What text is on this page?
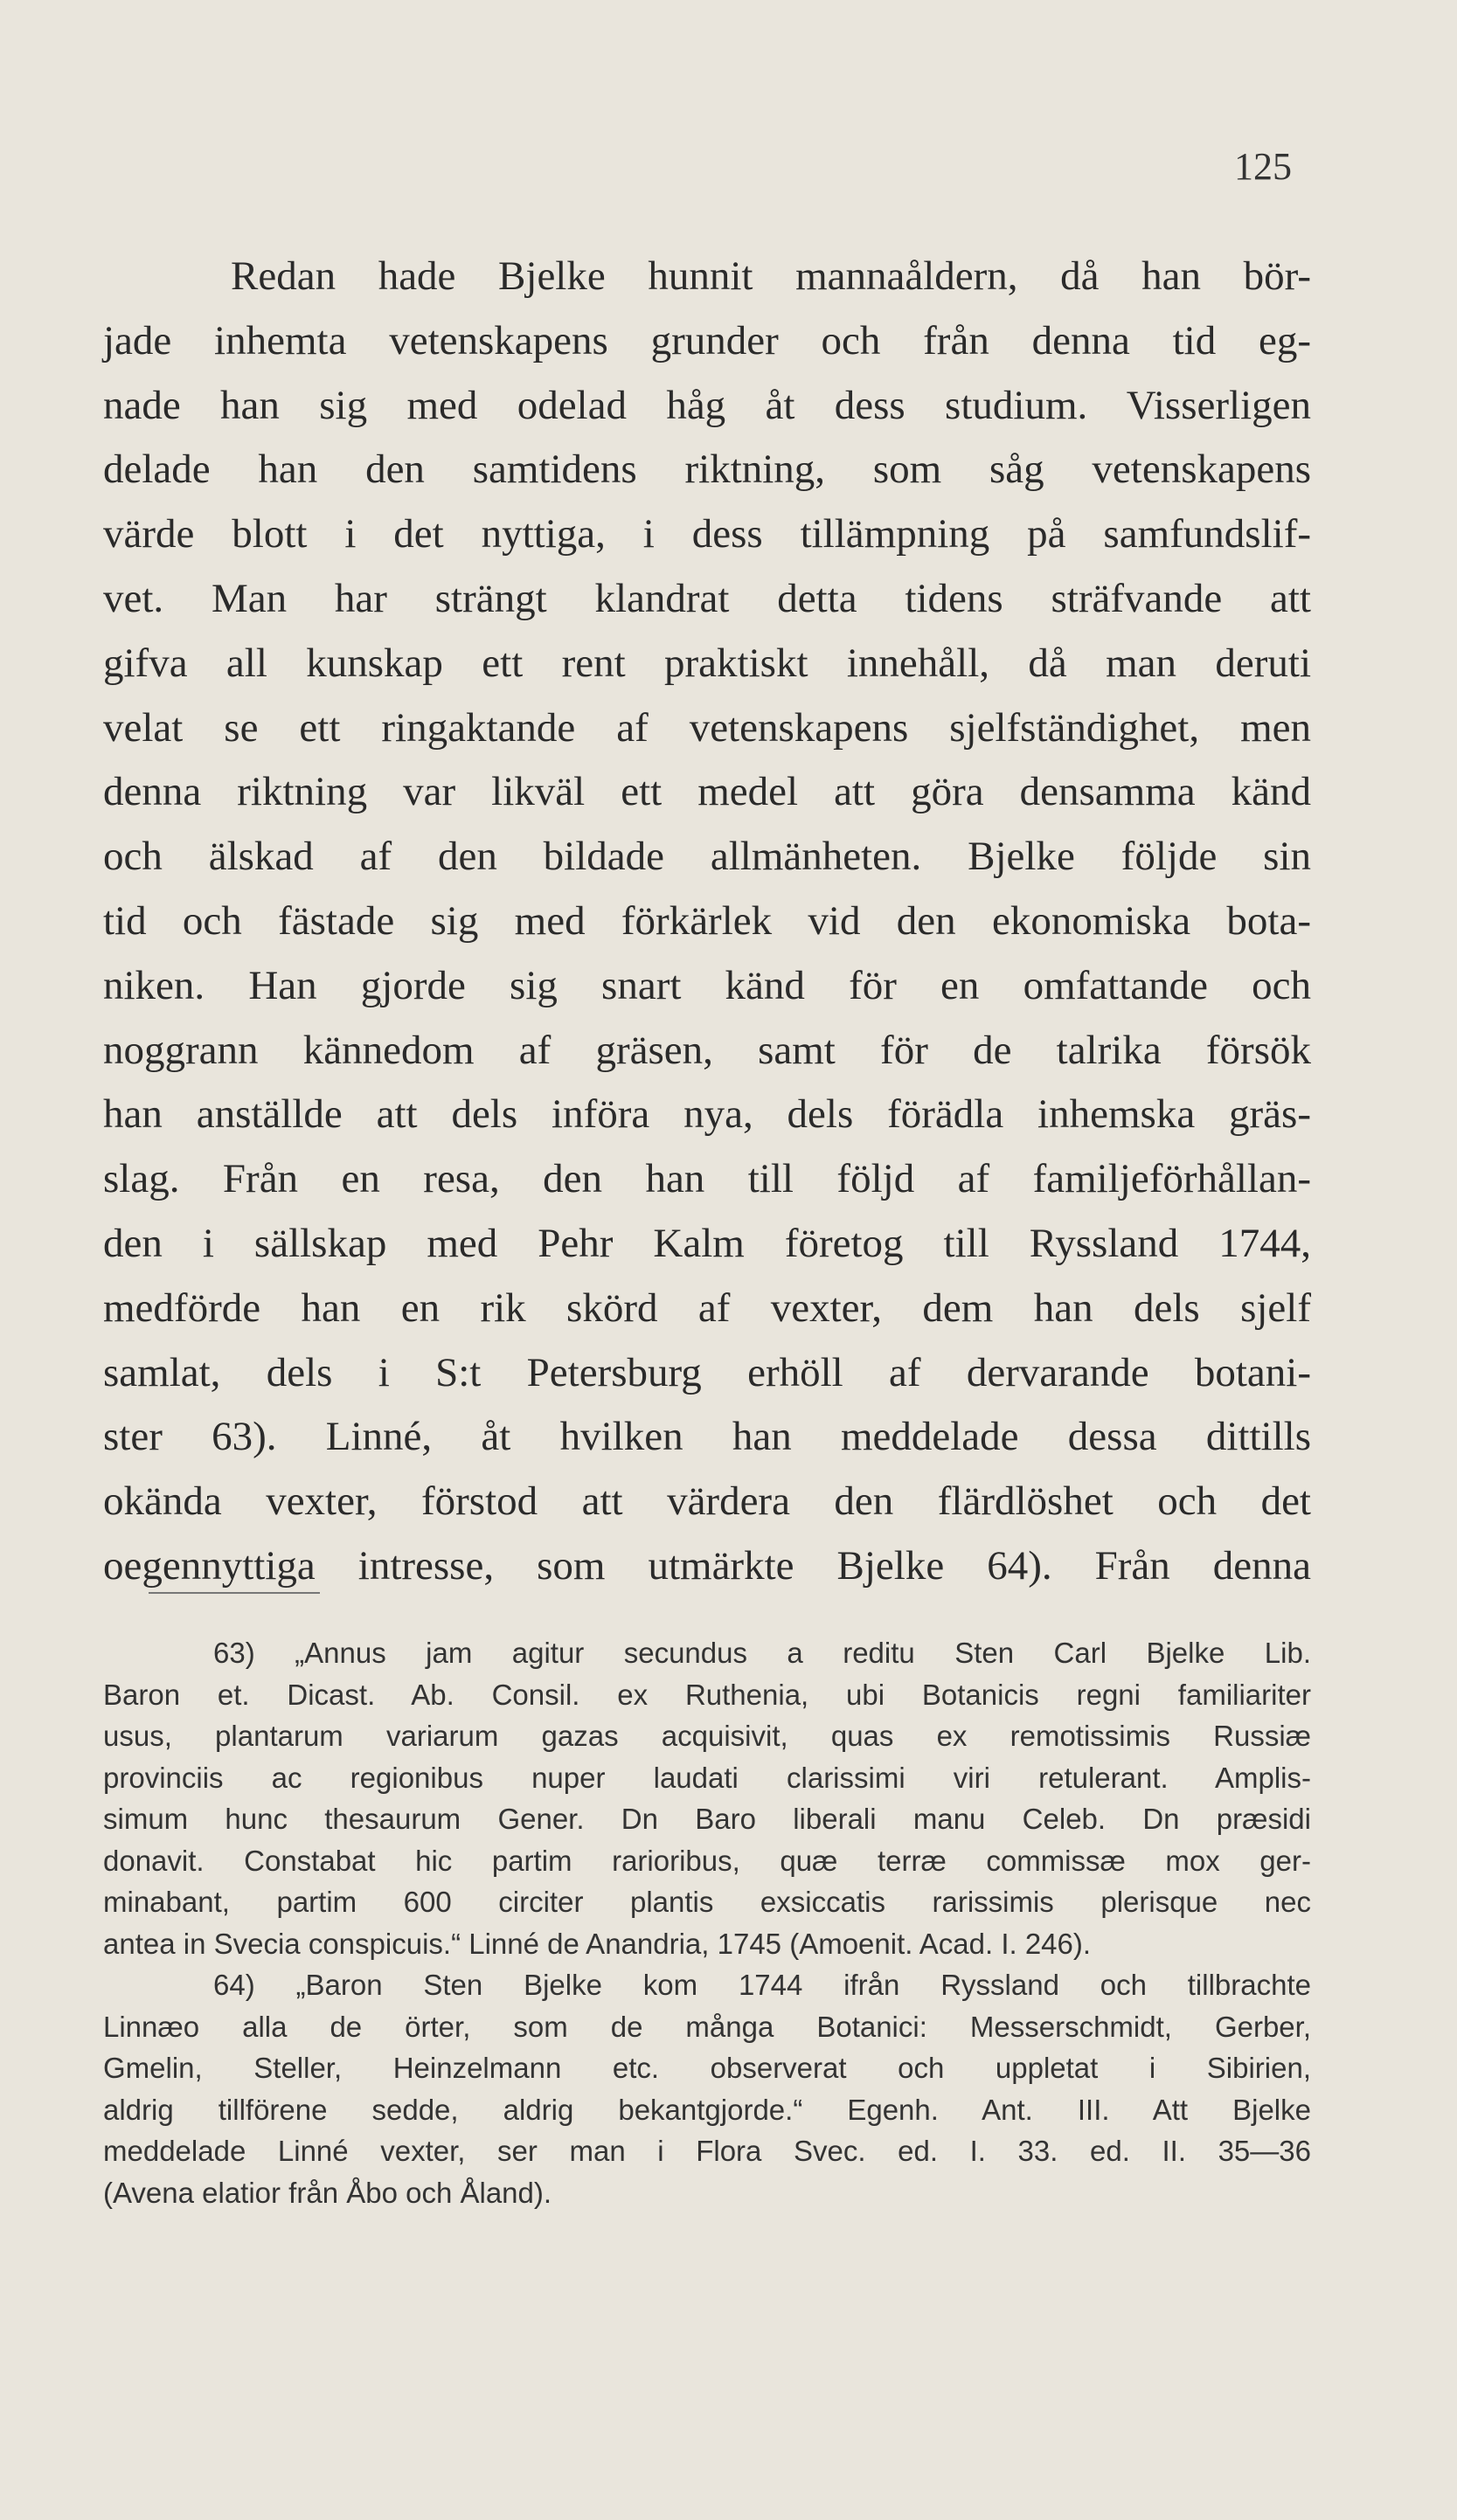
125
Redan hade Bjelke hunnit mannaåldern, då han bör-
jade inhemta vetenskapens grunder och från denna tid eg-
nade han sig med odelad håg åt dess studium. Visserligen
delade han den samtidens riktning, som såg vetenskapens
värde blott i det nyttiga, i dess tillämpning på samfundslif-
vet. Man har strängt klandrat detta tidens sträfvande att
gifva all kunskap ett rent praktiskt innehåll, då man deruti
velat se ett ringaktande af vetenskapens sjelfständighet, men
denna riktning var likväl ett medel att göra densamma känd
och älskad af den bildade allmänheten. Bjelke följde sin
tid och fästade sig med förkärlek vid den ekonomiska bota-
niken. Han gjorde sig snart känd för en omfattande och
noggrann kännedom af gräsen, samt för de talrika försök
han anställde att dels införa nya, dels förädla inhemska gräs-
slag. Från en resa, den han till följd af familjeförhållan-
den i sällskap med Pehr Kalm företog till Ryssland 1744,
medförde han en rik skörd af vexter, dem han dels sjelf
samlat, dels i S:t Petersburg erhöll af dervarande botani-
ster 63). Linné, åt hvilken han meddelade dessa dittills
okända vexter, förstod att värdera den flärdlöshet och det
oegennyttiga intresse, som utmärkte Bjelke 64). Från denna
63) „Annus jam agitur secundus a reditu Sten Carl Bjelke Lib.
Baron et. Dicast. Ab. Consil. ex Ruthenia, ubi Botanicis regni familiariter
usus, plantarum variarum gazas acquisivit, quas ex remotissimis Russiæ
provinciis ac regionibus nuper laudati clarissimi viri retulerant. Amplis-
simum hunc thesaurum Gener. Dn Baro liberali manu Celeb. Dn præsidi
donavit. Constabat hic partim rarioribus, quæ terræ commissæ mox ger-
minabant, partim 600 circiter plantis exsiccatis rarissimis plerisque nec
antea in Svecia conspicuis.“ Linné de Anandria, 1745 (Amoenit. Acad. I. 246).
64) „Baron Sten Bjelke kom 1744 ifrån Ryssland och tillbrachte
Linnæo alla de örter, som de många Botanici: Messerschmidt, Gerber,
Gmelin, Steller, Heinzelmann etc. observerat och uppletat i Sibirien,
aldrig tillförene sedde, aldrig bekantgjorde.“ Egenh. Ant. III. Att Bjelke
meddelade Linné vexter, ser man i Flora Svec. ed. I. 33. ed. II. 35—36
(Avena elatior från Åbo och Åland).
